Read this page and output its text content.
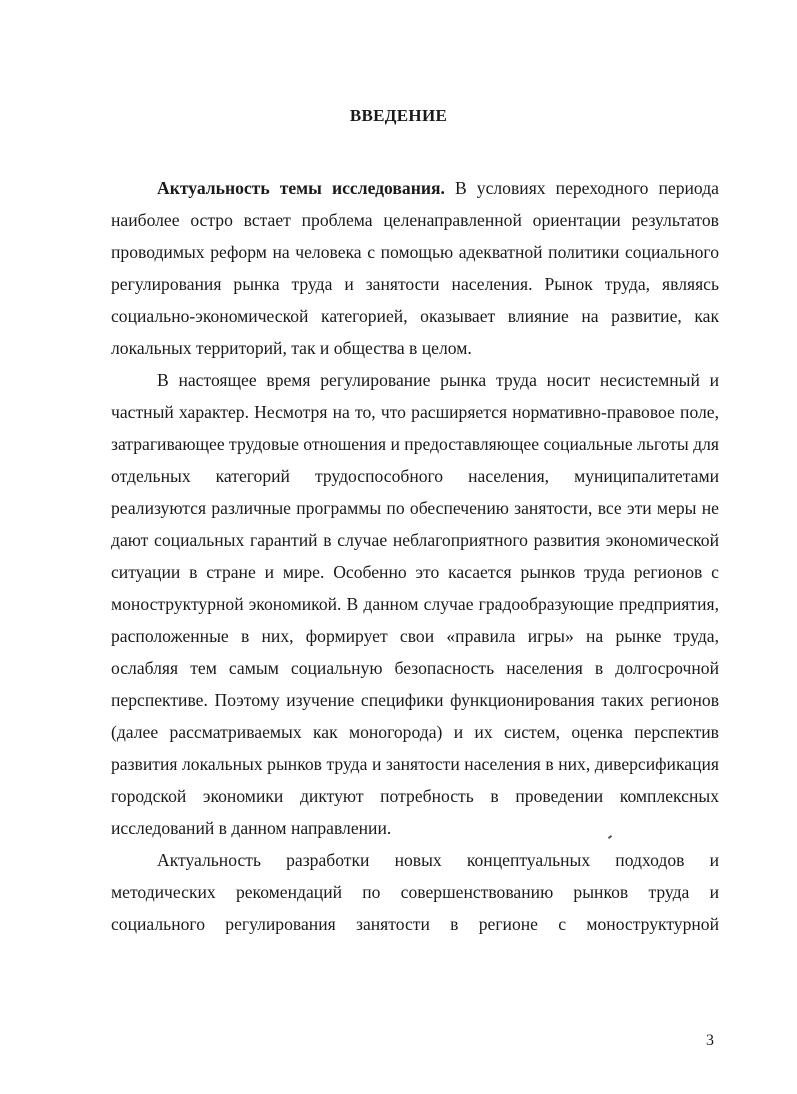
ВВЕДЕНИЕ

Актуальность темы исследования. В условиях переходного периода наиболее остро встает проблема целенаправленной ориентации результатов проводимых реформ на человека с помощью адекватной политики социального регулирования рынка труда и занятости населения. Рынок труда, являясь социально-экономической категорией, оказывает влияние на развитие, как локальных территорий, так и общества в целом.

В настоящее время регулирование рынка труда носит несистемный и частный характер. Несмотря на то, что расширяется нормативно-правовое поле, затрагивающее трудовые отношения и предоставляющее социальные льготы для отдельных категорий трудоспособного населения, муниципалитетами реализуются различные программы по обеспечению занятости, все эти меры не дают социальных гарантий в случае неблагоприятного развития экономической ситуации в стране и мире. Особенно это касается рынков труда регионов с моноструктурной экономикой. В данном случае градообразующие предприятия, расположенные в них, формирует свои «правила игры» на рынке труда, ослабляя тем самым социальную безопасность населения в долгосрочной перспективе. Поэтому изучение специфики функционирования таких регионов (далее рассматриваемых как моногорода) и их систем, оценка перспектив развития локальных рынков труда и занятости населения в них, диверсификация городской экономики диктуют потребность в проведении комплексных исследований в данном направлении.

Актуальность разработки новых концептуальных подходов и методических рекомендаций по совершенствованию рынков труда и социального регулирования занятости в регионе с моноструктурной

3
